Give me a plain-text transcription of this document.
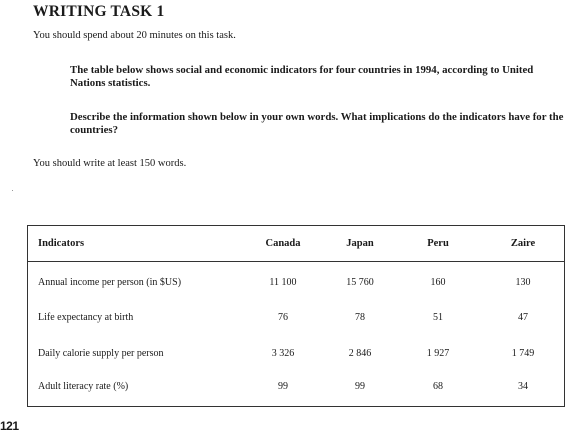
WRITING TASK 1
You should spend about 20 minutes on this task.
The table below shows social and economic indicators for four countries in 1994, according to United Nations statistics.
Describe the information shown below in your own words. What implications do the indicators have for the countries?
You should write at least 150 words.
Indicators	Canada	Japan	Peru	Zaire
Annual income per person (in $US)	11 100	15 760	160	130
Life expectancy at birth	76	78	51	47
Daily calorie supply per person	3 326	2 846	1 927	1 749
Adult literacy rate (%)	99	99	68	34
121
